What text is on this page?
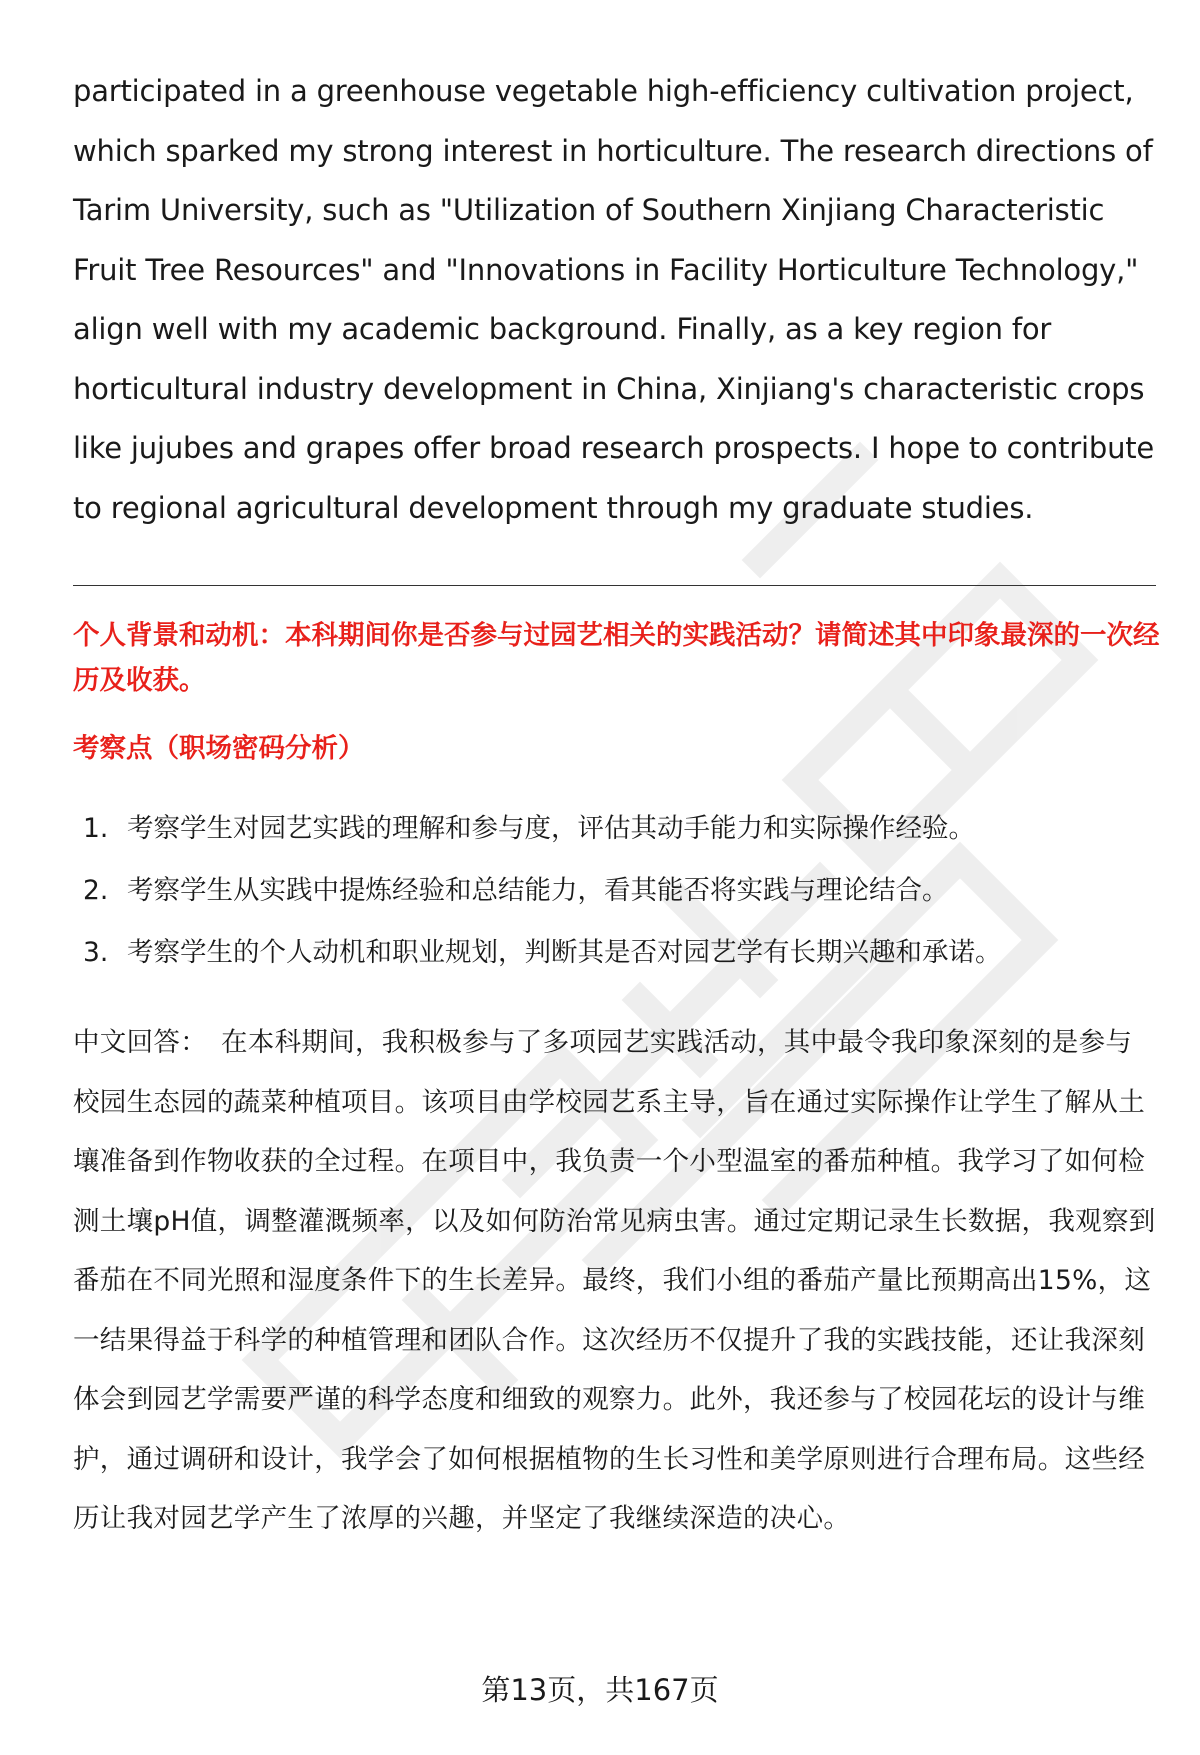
participated in a greenhouse vegetable high-efficiency cultivation project, which sparked my strong interest in horticulture. The research directions of Tarim University, such as "Utilization of Southern Xinjiang Characteristic Fruit Tree Resources" and "Innovations in Facility Horticulture Technology," align well with my academic background. Finally, as a key region for horticultural industry development in China, Xinjiang's characteristic crops like jujubes and grapes offer broad research prospects. I hope to contribute to regional agricultural development through my graduate studies.

个人背景和动机：本科期间你是否参与过园艺相关的实践活动？请简述其中印象最深的一次经历及收获。

考察点（职场密码分析）

1. 考察学生对园艺实践的理解和参与度，评估其动手能力和实际操作经验。
2. 考察学生从实践中提炼经验和总结能力，看其能否将实践与理论结合。
3. 考察学生的个人动机和职业规划，判断其是否对园艺学有长期兴趣和承诺。

中文回答： 在本科期间，我积极参与了多项园艺实践活动，其中最令我印象深刻的是参与校园生态园的蔬菜种植项目。该项目由学校园艺系主导，旨在通过实际操作让学生了解从土壤准备到作物收获的全过程。在项目中，我负责一个小型温室的番茄种植。我学习了如何检测土壤pH值，调整灌溉频率，以及如何防治常见病虫害。通过定期记录生长数据，我观察到番茄在不同光照和湿度条件下的生长差异。最终，我们小组的番茄产量比预期高出15%，这一结果得益于科学的种植管理和团队合作。这次经历不仅提升了我的实践技能，还让我深刻体会到园艺学需要严谨的科学态度和细致的观察力。此外，我还参与了校园花坛的设计与维护，通过调研和设计，我学会了如何根据植物的生长习性和美学原则进行合理布局。这些经历让我对园艺学产生了浓厚的兴趣，并坚定了我继续深造的决心。

第13页，共167页
